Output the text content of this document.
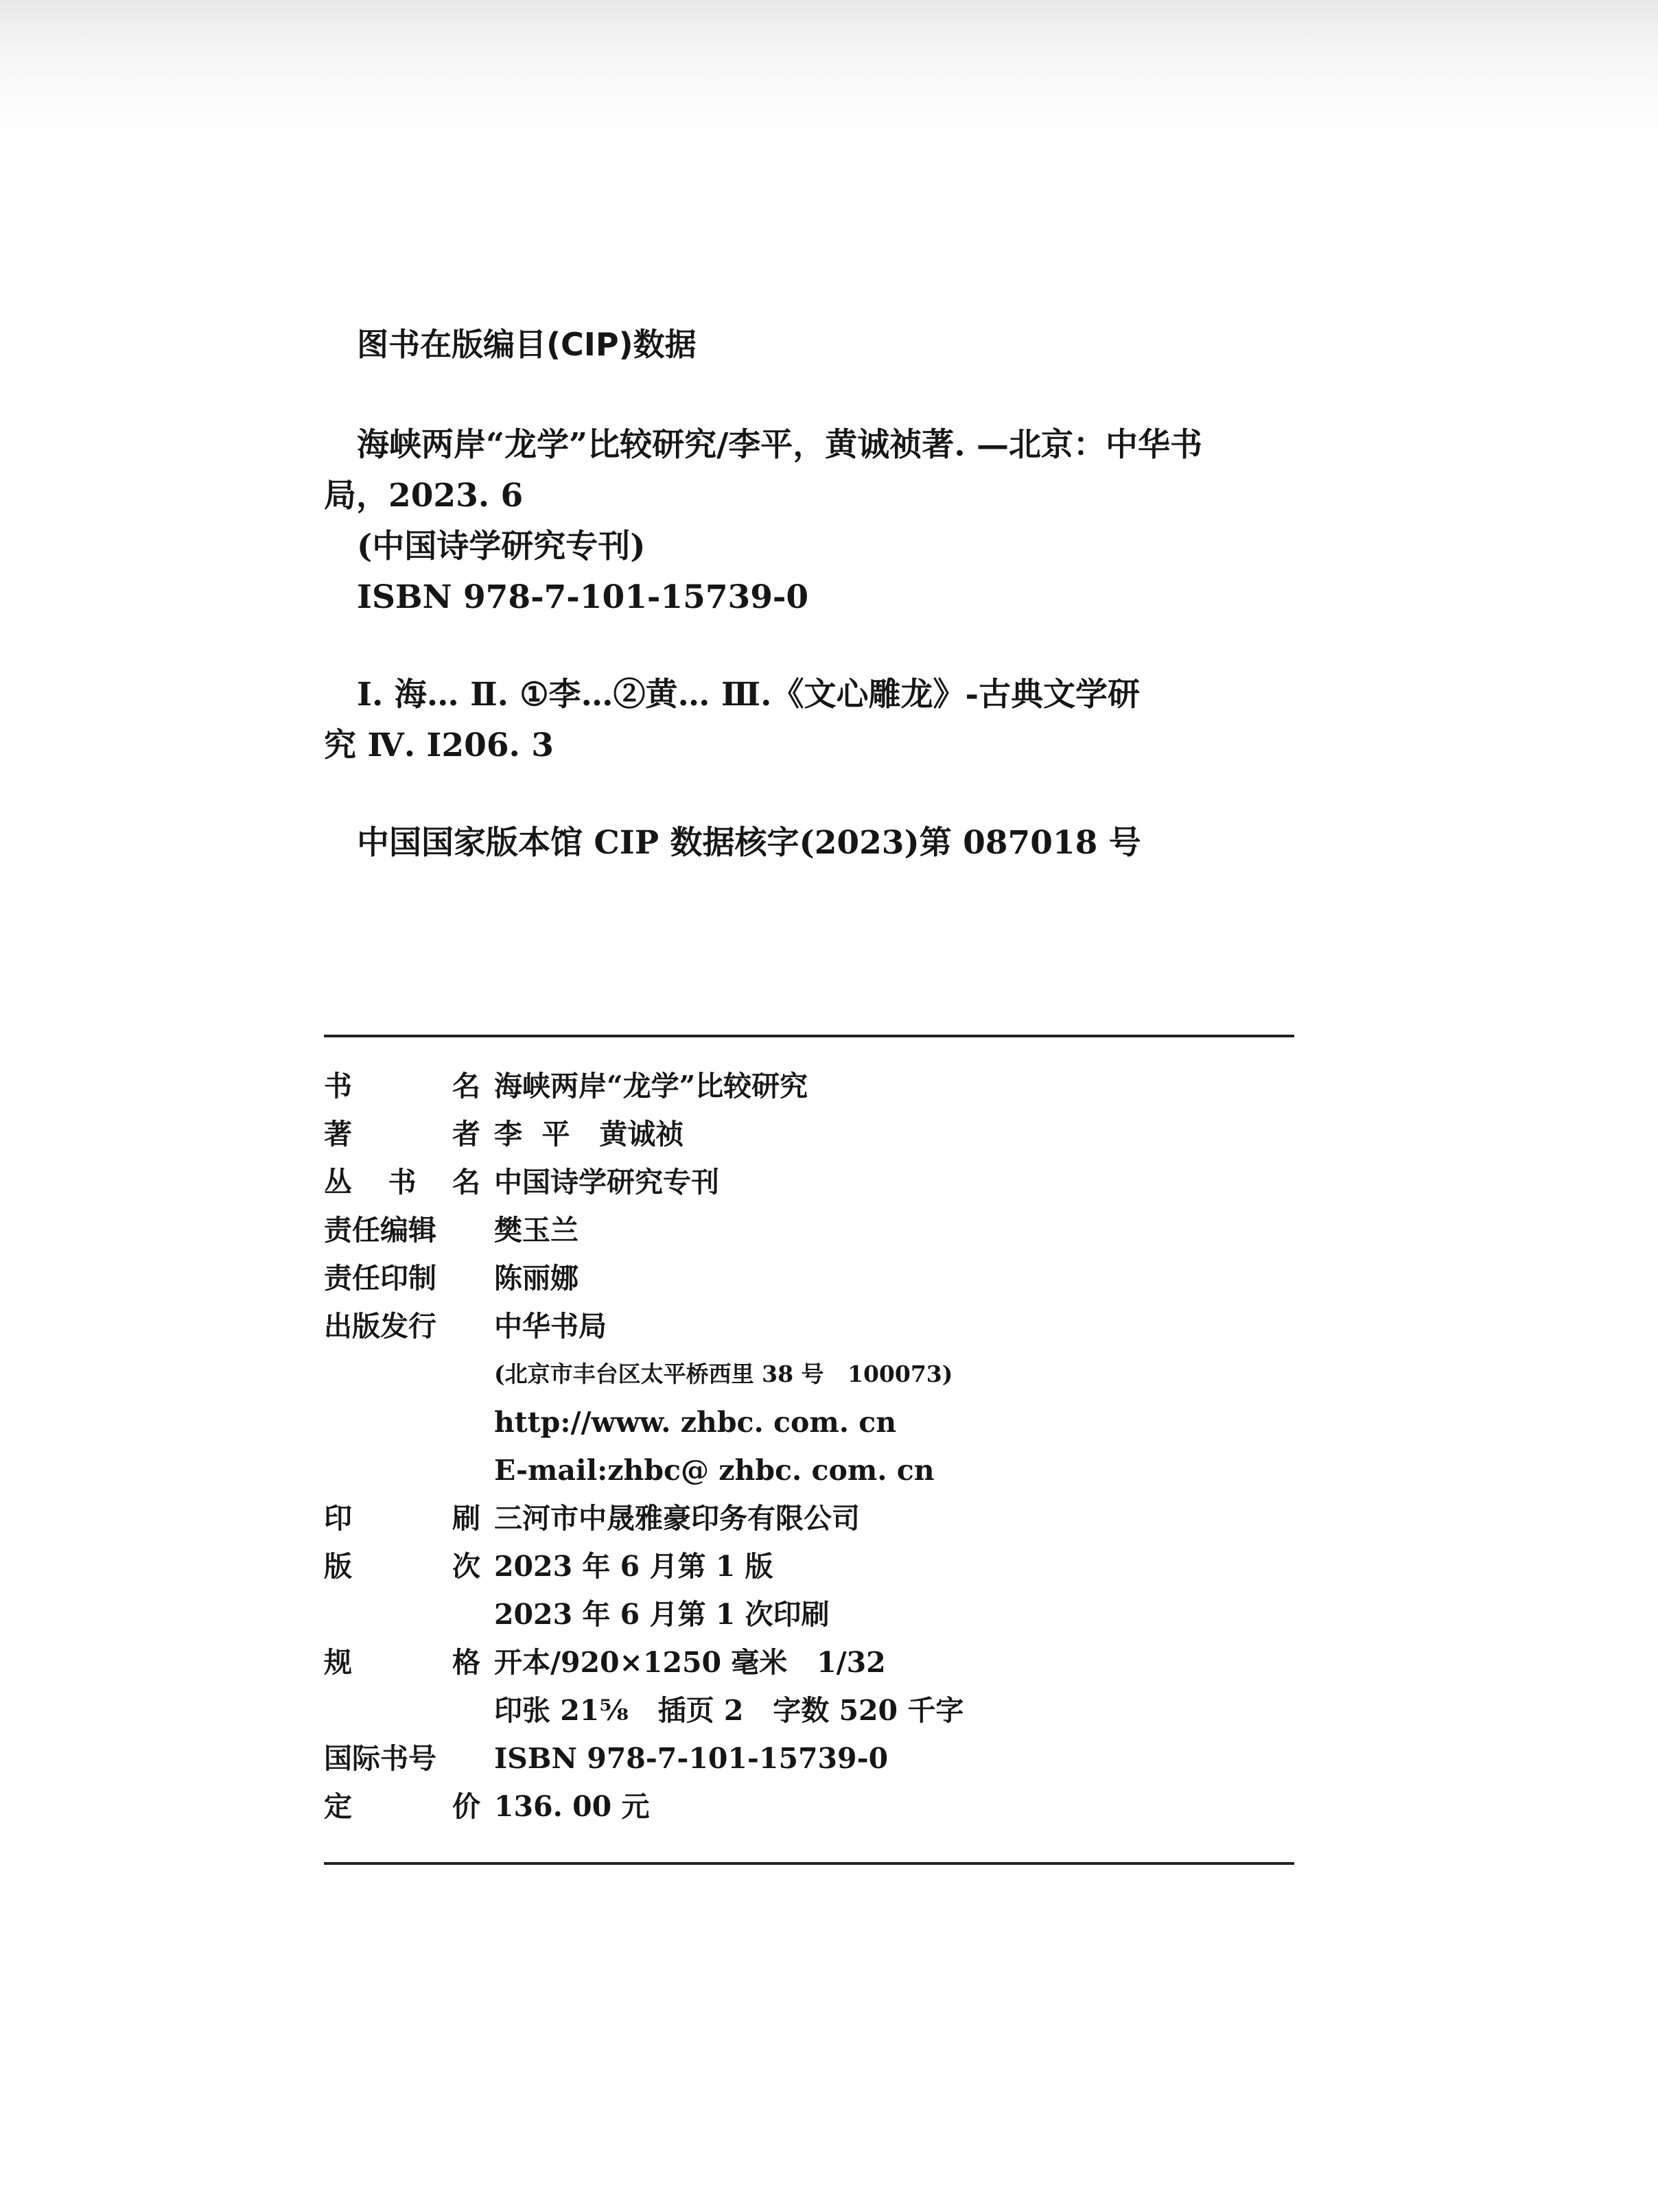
图书在版编目(CIP)数据
海峡两岸“龙学”比较研究/李平，黄诚祯著. —北京：中华书
局，2023. 6
(中国诗学研究专刊)
ISBN 978-7-101-15739-0
Ⅰ. 海… Ⅱ. ①李…②黄… Ⅲ.《文心雕龙》-古典文学研
究 Ⅳ. I206. 3
中国国家版本馆 CIP 数据核字(2023)第 087018 号
书	名 海峡两岸“龙学”比较研究
著	者 李  平   黄诚祯
丛 书 名 中国诗学研究专刊
责任编辑 樊玉兰
责任印制 陈丽娜
出版发行 中华书局
(北京市丰台区太平桥西里 38 号   100073)
http://www. zhbc. com. cn
E-mail:zhbc@ zhbc. com. cn
印	刷 三河市中晟雅豪印务有限公司
版	次 2023 年 6 月第 1 版
2023 年 6 月第 1 次印刷
规	格 开本/920×1250 毫米   1/32
印张 21⅝   插页 2   字数 520 千字
国际书号 ISBN 978-7-101-15739-0
定	价 136. 00 元
